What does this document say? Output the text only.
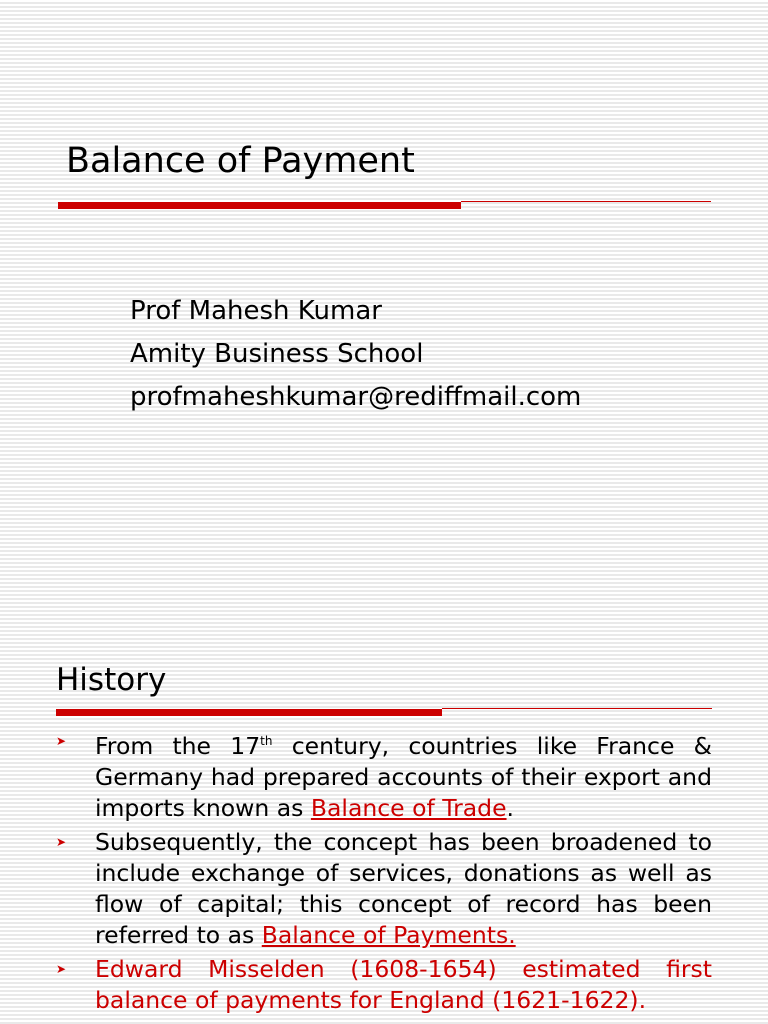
Balance of Payment
Prof Mahesh Kumar
Amity Business School
profmaheshkumar@rediffmail.com
History
➤ From the 17th century, countries like France & Germany had prepared accounts of their export and imports known as Balance of Trade.
➤ Subsequently, the concept has been broadened to include exchange of services, donations as well as flow of capital; this concept of record has been referred to as Balance of Payments.
➤ Edward Misselden (1608-1654) estimated first balance of payments for England (1621-1622).
